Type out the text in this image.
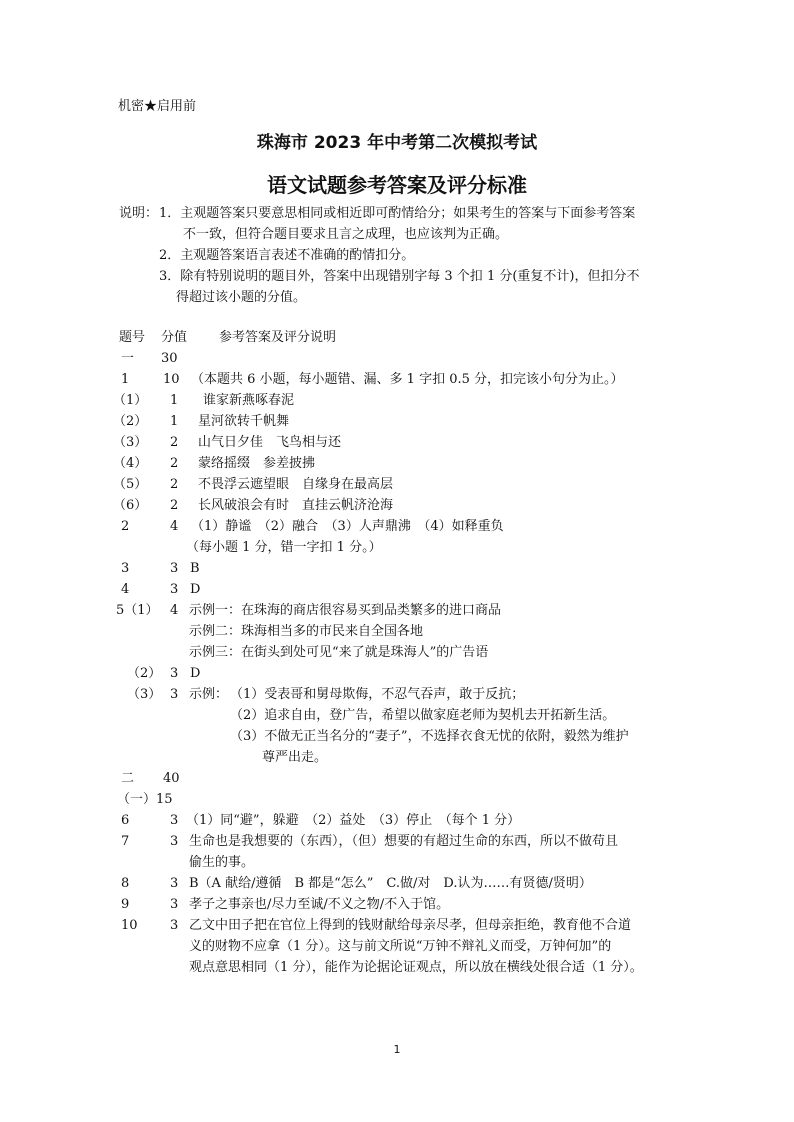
机密★启用前
珠海市 2023 年中考第二次模拟考试
语文试题参考答案及评分标准
说明： 1．主观题答案只要意思相同或相近即可酌情给分；如果考生的答案与下面参考答案
不一致，但符合题目要求且言之成理，也应该判为正确。
2．主观题答案语言表述不准确的酌情扣分。
3．除有特别说明的题目外，答案中出现错别字每 3 个扣 1 分(重复不计)，但扣分不
得超过该小题的分值。
题号 分值 参考答案及评分说明
一 30
1	10 （本题共 6 小题，每小题错、漏、多 1 字扣 0.5 分，扣完该小句分为止。）
（1） 1 谁家新燕啄春泥
（2） 1 星河欲转千帆舞
（3） 2 山气日夕佳　飞鸟相与还
（4） 2 蒙络摇缀　参差披拂
（5） 2 不畏浮云遮望眼　自缘身在最高层
（6） 2 长风破浪会有时　直挂云帆济沧海
2	4 （1）静谧　（2）融合　（3）人声鼎沸　（4）如释重负
（每小题 1 分，错一字扣 1 分。）
3	3 B
4	3 D
5（1） 4 示例一：在珠海的商店很容易买到品类繁多的进口商品
示例二：珠海相当多的市民来自全国各地
示例三：在街头到处可见“来了就是珠海人”的广告语
（2） 3 D
（3） 3 示例： （1）受表哥和舅母欺侮，不忍气吞声，敢于反抗；
（2）追求自由，登广告，希望以做家庭老师为契机去开拓新生活。
（3）不做无正当名分的“妻子”，不选择衣食无忧的依附，毅然为维护
尊严出走。
二 40
（一）15
6	3 （1）同“避”，躲避　（2）益处　（3）停止　（每个 1 分）
7	3 生命也是我想要的（东西），（但）想要的有超过生命的东西，所以不做苟且
偷生的事。
8	3 B（A 献给/遵循　B 都是“怎么”　C.做/对　D.认为……有贤德/贤明）
9	3 孝子之事亲也/尽力至诚/不义之物/不入于馆。
10 3 乙文中田子把在官位上得到的钱财献给母亲尽孝，但母亲拒绝，教育他不合道
义的财物不应拿（1 分）。这与前文所说“万钟不辩礼义而受，万钟何加”的
观点意思相同（1 分），能作为论据论证观点，所以放在横线处很合适（1 分）。
1
